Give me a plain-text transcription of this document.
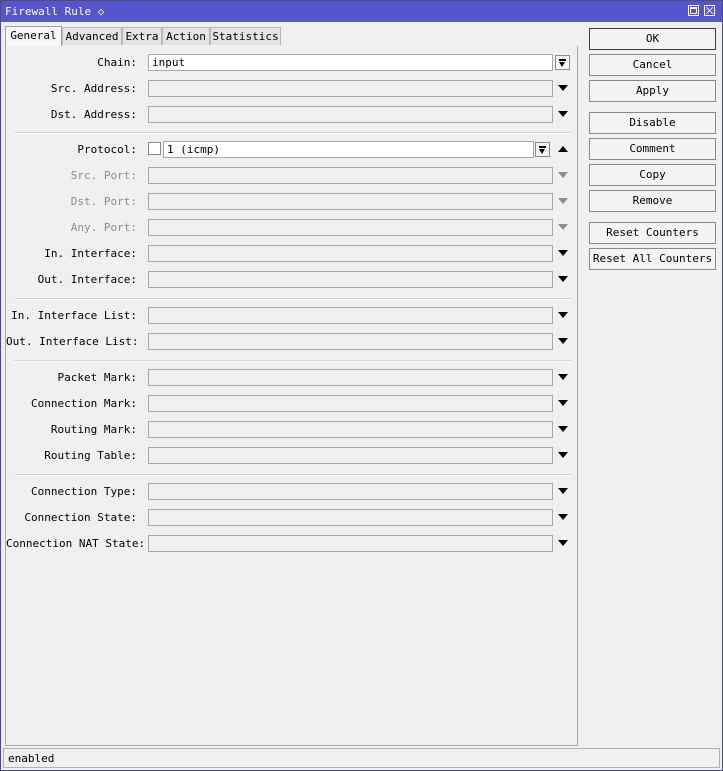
Firewall Rule ◇
General Advanced Extra Action Statistics
Chain:	input
Src. Address:
Dst. Address:
Protocol:	1 (icmp)
Src. Port:
Dst. Port:
Any. Port:
In. Interface:
Out. Interface:
In. Interface List:
Out. Interface List:
Packet Mark:
Connection Mark:
Routing Mark:
Routing Table:
Connection Type:
Connection State:
Connection NAT State:
OK
Cancel
Apply
Disable
Comment
Copy
Remove
Reset Counters
Reset All Counters
enabled
